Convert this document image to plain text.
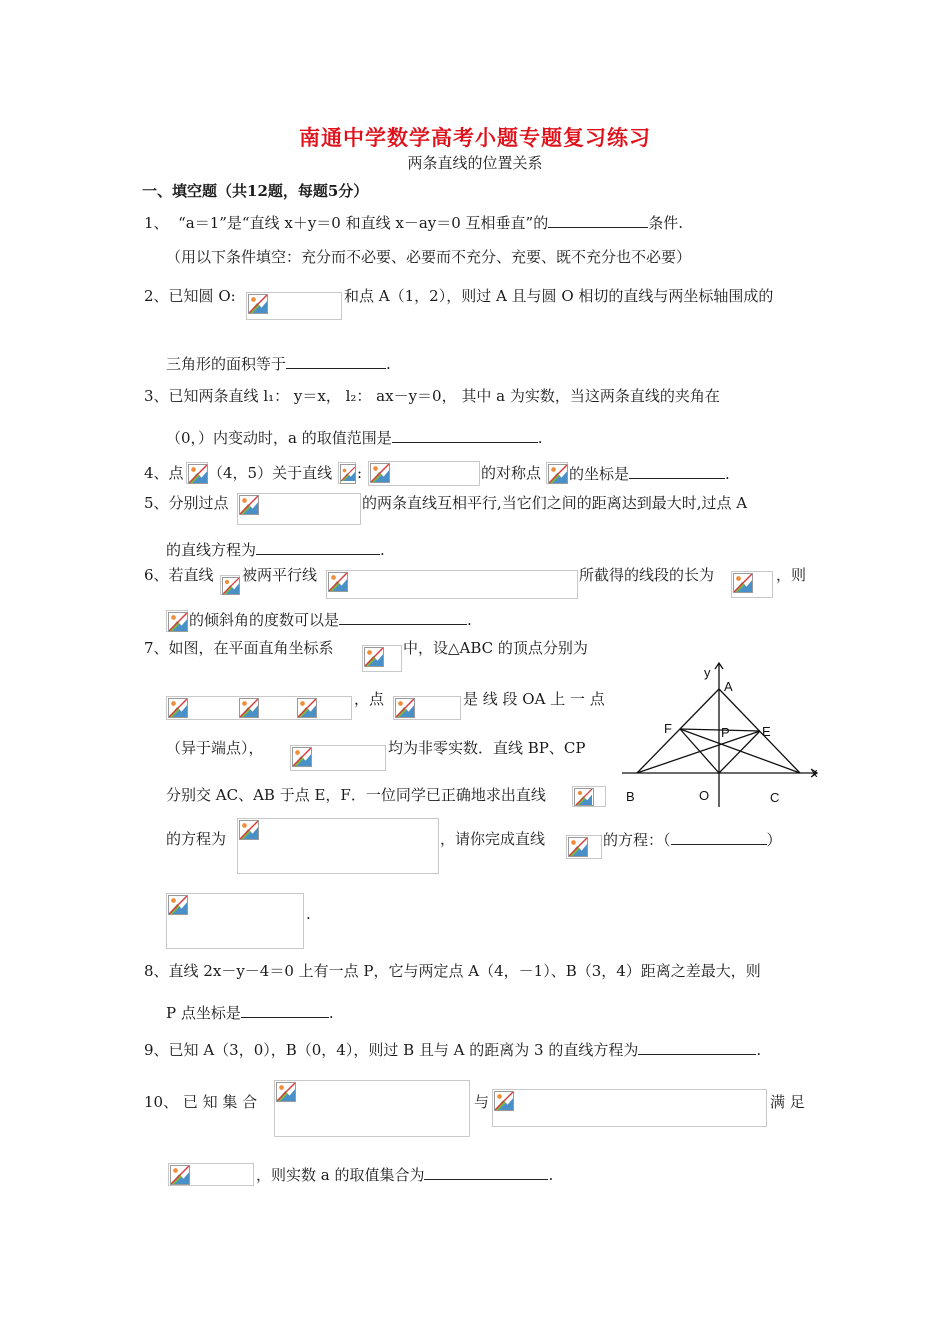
南通中学数学高考小题专题复习练习
两条直线的位置关系
一、填空题（共12题，每题5分）
1、 “a＝1”是“直线 x＋y＝0 和直线 x－ay＝0 互相垂直”的	条件.
（用以下条件填空：充分而不必要、必要而不充分、充要、既不充分也不必要）
2、已知圆 O:	和点 A（1，2），则过 A 且与圆 O 相切的直线与两坐标轴围成的
三角形的面积等于	.
3、已知两条直线 l₁： y＝x， l₂： ax－y＝0， 其中 a 为实数，当这两条直线的夹角在
（0，）内变动时，a 的取值范围是	.
4、点 （4，5）关于直线 :	的对称点 的坐标是	.
5、分别过点	的两条直线互相平行,当它们之间的距离达到最大时,过点 A
的直线方程为	.
6、若直线 被两平行线	所截得的线段的长为	，则
的倾斜角的度数可以是	.
7、如图，在平面直角坐标系	中，设△ABC 的顶点分别为
，点	是 线 段 OA 上 一 点
（异于端点），	均为非零实数．直线 BP、CP
分别交 AC、AB 于点 E，F．一位同学已正确地求出直线
的方程为	，请你完成直线	的方程：（	）
.
y
x
A
F	P E
B	O	C
8、直线 2x－y－4＝0 上有一点 P，它与两定点 A（4，－1）、B（3，4）距离之差最大，则
P 点坐标是	.
9、已知 A（3，0），B（0，4），则过 B 且与 A 的距离为 3 的直线方程为	.
10、 已 知 集 合	与	满 足
，则实数 a 的取值集合为	.
